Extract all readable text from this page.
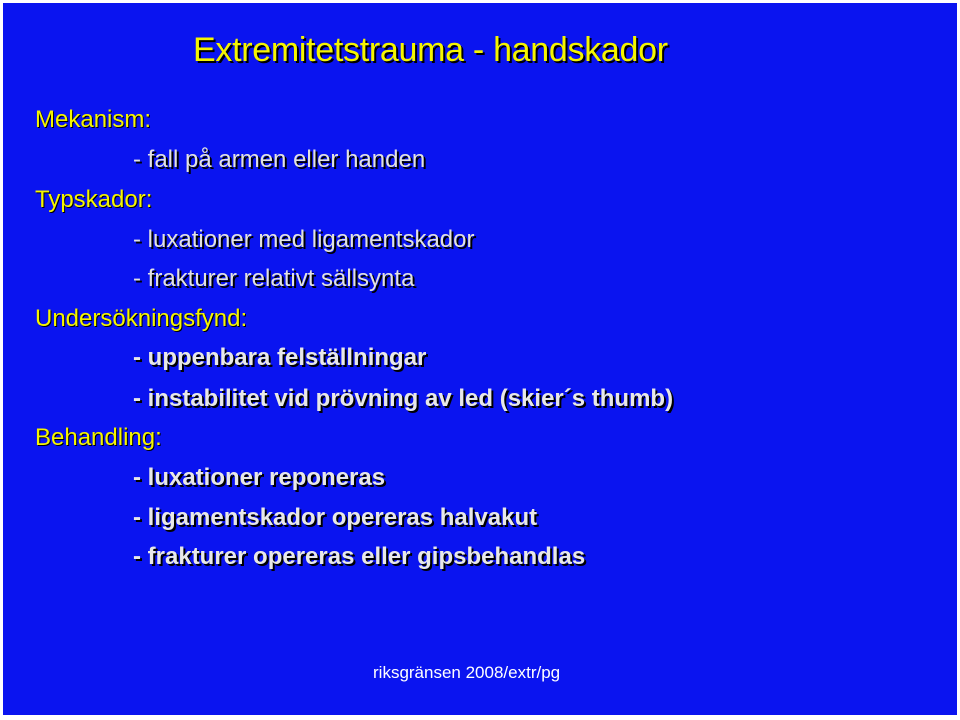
Extremitetstrauma - handskador
Mekanism:
- fall på armen eller handen
Typskador:
- luxationer med ligamentskador
- frakturer relativt sällsynta
Undersökningsfynd:
- uppenbara felställningar
- instabilitet vid prövning av led (skier´s thumb)
Behandling:
- luxationer reponeras
- ligamentskador opereras halvakut
- frakturer opereras eller gipsbehandlas
riksgränsen 2008/extr/pg
